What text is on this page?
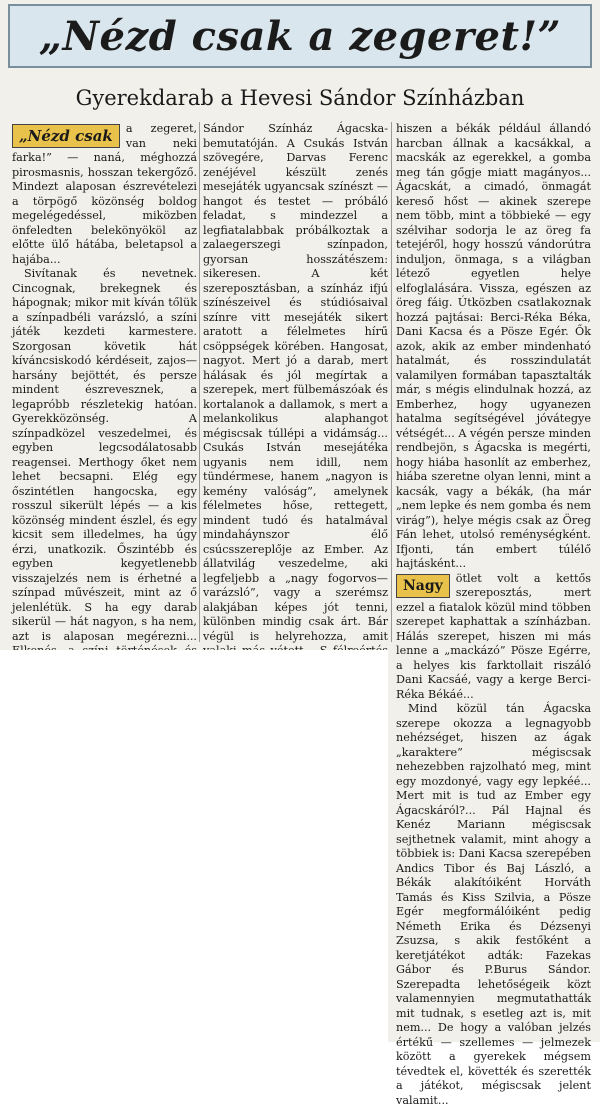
„Nézd csak a zegeret!”
Gyerekdarab a Hevesi Sándor Színházban
„Nézd csak	a zegeret, van neki farka!” — naná, méghozzá pirosmasnis, hosszan tekergőző. Mindezt alaposan észrevételezi a törpögő közönség boldog megelégedéssel, miközben önfeledten belekönyököl az előtte ülő hátába, beletapsol a hajába...

Sivítanak és nevetnek. Cincognak, brekegnek és hápognak; mikor mit kíván tőlük a színpadbéli varázsló, a színi játék kezdeti karmestere. Szorgosan követik hát kíváncsiskodó kérdéseit, zajos—harsány bejöttét, és persze mindent észrevesznek, a legapróbb részletekig hatóan. Gyerekközönség. A színpadközel veszedelmei, és egyben legcsodálatosabb reagensei. Merthogy őket nem lehet becsapni. Elég egy őszintétlen hangocska, egy rosszul sikerült lépés — a kis közönség mindent észlel, és egy kicsit sem illedelmes, ha úgy érzi, unatkozik. Őszintébb és egyben kegyetlenebb visszajelzés nem is érhetné a színpad művészeit, mint az ő jelenlétük. S ha egy darab sikerül — hát nagyon, s ha nem, azt is alaposan megérezni...

Sándor Színház Ágacska-bemutatóján. A Csukás István szövegére, Darvas Ferenc zenéjével készült zenés mesejáték ugyancsak színészt — hangot és testet — próbáló feladat, s mindezzel a legfiatalabbak próbálkoztak a zalaegerszegi színpadon, gyorsan hosszátészem: sikeresen. A két szereposztásban, a színház ifjú színészeivel és stúdiósaival színre vitt mesejáték sikert aratott a félelmetes hírű csöppségek körében. Hangosat, nagyot. Mert jó a darab, mert hálásak és jól megírtak a szerepek, mert fülbemászóak és kortalanok a dallamok, s mert a melankolikus alaphangot mégiscsak túllépi a vidámság... Csukás István mesejátéka ugyanis nem idill, nem tündérmese, hanem „nagyon is kemény valóság”, amelynek félelmetes hőse, rettegett, mindent tudó és hatalmával mindaháynszor élő csúcsszereplője az Ember. Az állatvilág veszedelme, aki legfeljebb a „nagy fogorvos—varázsló”, vagy a szerémsz alakjában képes jót tenni, különben mindig csak árt. Bár végül is helyrehozza, amit

hiszen a békák például állandó harcban állnak a kacsákkal, a macskák az egerekkel, a gomba meg tán gőgje miatt magányos... Ágacskát, a cimadó, önmagát kereső hőst — akinek szerepe nem több, mint a többieké — egy szélvihar sodorja le az öreg fa tetejéről, hogy hosszú vándorútra induljon, önmaga, s a világban létező egyetlen helye elfoglalására. Vissza, egészen az öreg fáig. Útközben csatlakoznak hozzá pajtásai: Berci-Réka Béka, Dani Kacsa és a Pösze Egér. Ők azok, akik az ember mindenható hatalmát, és rosszindulatát valamilyen formában tapasztalták már, s mégis elindulnak hozzá, az Emberhez, hogy ugyanezen hatalma segítségével jóvátegye vétségét... A végén persze minden rendbejön, s Ágacska is megérti, hogy hiába hasonlít az emberhez, hiába szeretne olyan lenni, mint a kacsák, vagy a békák, (ha már „nem lepke és nem gomba és nem virág”), helye mégis csak az Öreg Fán lehet, utolsó reménységként. Ifjonti, tán embert túlélő hajtásként...

Nagy	ötlet volt a kettős szereposztás, mert ezzel a fiatalok közül mind többen szerepet kaphattak a színházban. Hálás szerepet, hiszen mi más lenne a „mackázó” Pösze Egérre, a helyes kis farktollait riszáló Dani Kacsáé, vagy a kerge Berci-Réka Békáé...

Mind közül tán Ágacska szerepe okozza a legnagyobb nehézséget, hiszen az ágak „karaktere” mégiscsak nehezebben rajzolható meg, mint egy mozdonyé, vagy egy lepkéé... Mert mit is tud az Ember egy Ágacskáról?... Pál Hajnal és Kenéz Mariann mégiscsak sejthetnek valamit, mint ahogy a többiek is: Dani Kacsa szerepében Andics Tibor és Baj László, a Békák alakítóiként Horváth Tamás és Kiss Szilvia, a Pösze Egér megformálóiként pedig Németh Erika és Dézsenyi Zsuzsa, s akik festőként a keretjátékot adták: Fazekas Gábor és P.Burus Sándor. Szerepadta lehetőségeik közt valamennyien megmutathatták mit tudnak, s esetleg azt is, mit nem... De hogy a valóban jelzés értékű — szellemes — jelmezek között a gyerekek mégsem tévedtek el, követték és szerették a játékot, mégiscsak jelent valamit...
